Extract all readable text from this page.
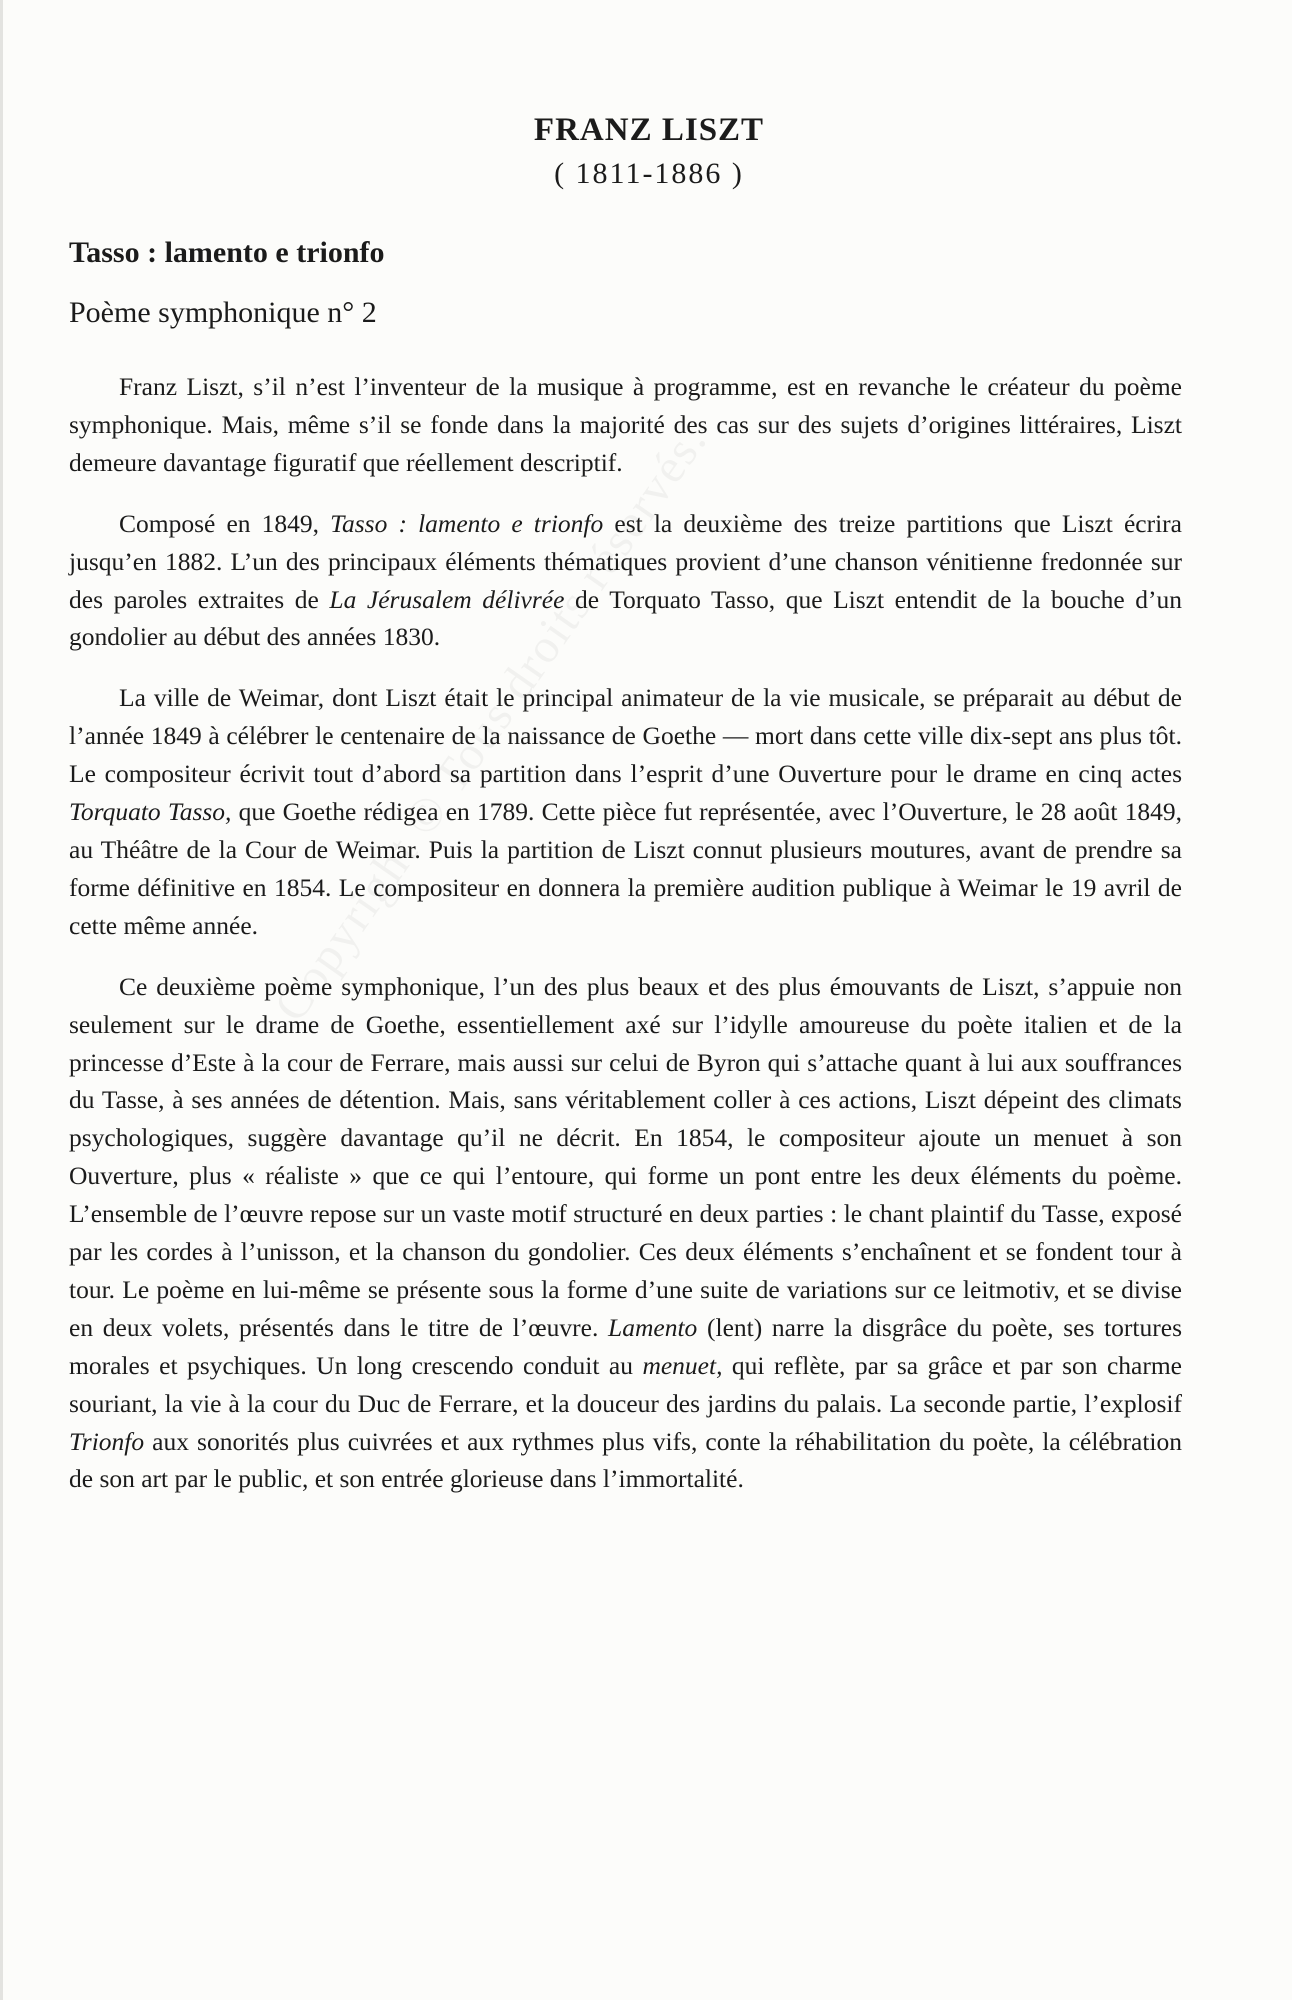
FRANZ LISZT

( 1811-1886 )

Tasso : lamento e trionfo

Poème symphonique n° 2

Franz Liszt, s’il n’est l’inventeur de la musique à programme, est en revanche le créateur du poème symphonique. Mais, même s’il se fonde dans la majorité des cas sur des sujets d’origines littéraires, Liszt demeure davantage figuratif que réellement descriptif.

Composé en 1849, Tasso : lamento e trionfo est la deuxième des treize partitions que Liszt écrira jusqu’en 1882. L’un des principaux éléments thématiques provient d’une chanson vénitienne fredonnée sur des paroles extraites de La Jérusalem délivrée de Torquato Tasso, que Liszt entendit de la bouche d’un gondolier au début des années 1830.

La ville de Weimar, dont Liszt était le principal animateur de la vie musicale, se préparait au début de l’année 1849 à célébrer le centenaire de la naissance de Goethe — mort dans cette ville dix-sept ans plus tôt. Le compositeur écrivit tout d’abord sa partition dans l’esprit d’une Ouverture pour le drame en cinq actes Torquato Tasso, que Goethe rédigea en 1789. Cette pièce fut représentée, avec l’Ouverture, le 28 août 1849, au Théâtre de la Cour de Weimar. Puis la partition de Liszt connut plusieurs moutures, avant de prendre sa forme définitive en 1854. Le compositeur en donnera la première audition publique à Weimar le 19 avril de cette même année.

Ce deuxième poème symphonique, l’un des plus beaux et des plus émouvants de Liszt, s’appuie non seulement sur le drame de Goethe, essentiellement axé sur l’idylle amoureuse du poète italien et de la princesse d’Este à la cour de Ferrare, mais aussi sur celui de Byron qui s’attache quant à lui aux souffrances du Tasse, à ses années de détention. Mais, sans véritablement coller à ces actions, Liszt dépeint des climats psychologiques, suggère davantage qu’il ne décrit. En 1854, le compositeur ajoute un menuet à son Ouverture, plus « réaliste » que ce qui l’entoure, qui forme un pont entre les deux éléments du poème. L’ensemble de l’œuvre repose sur un vaste motif structuré en deux parties : le chant plaintif du Tasse, exposé par les cordes à l’unisson, et la chanson du gondolier. Ces deux éléments s’enchaînent et se fondent tour à tour. Le poème en lui-même se présente sous la forme d’une suite de variations sur ce leitmotiv, et se divise en deux volets, présentés dans le titre de l’œuvre. Lamento (lent) narre la disgrâce du poète, ses tortures morales et psychiques. Un long crescendo conduit au menuet, qui reflète, par sa grâce et par son charme souriant, la vie à la cour du Duc de Ferrare, et la douceur des jardins du palais. La seconde partie, l’explosif Trionfo aux sonorités plus cuivrées et aux rythmes plus vifs, conte la réhabilitation du poète, la célébration de son art par le public, et son entrée glorieuse dans l’immortalité.
